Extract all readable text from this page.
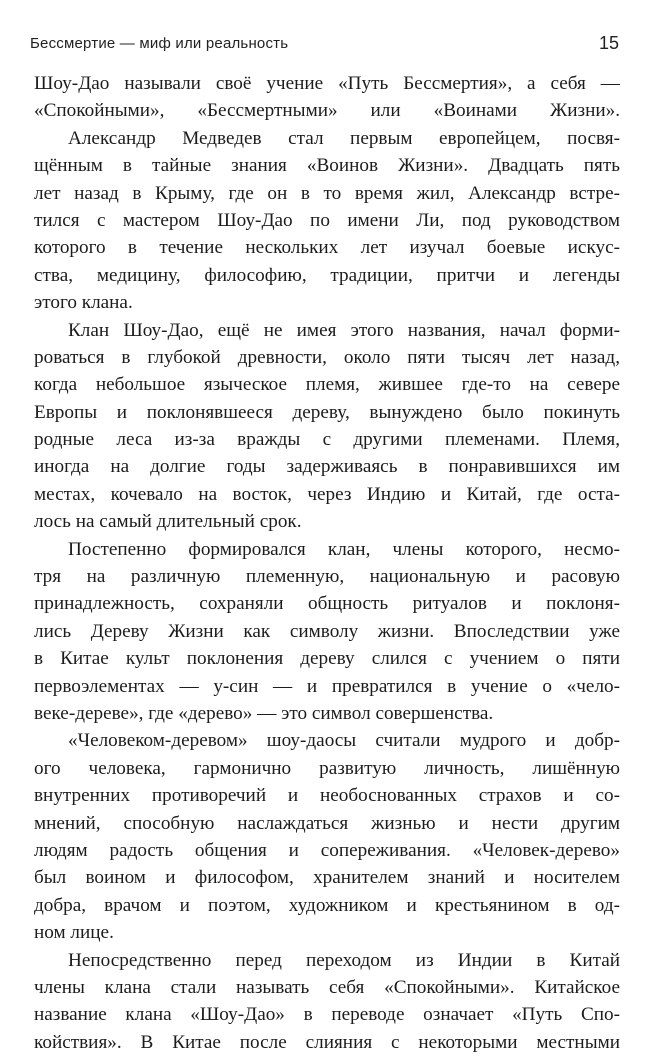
Бессмертие — миф или реальность	15
Шоу-Дао называли своё учение «Путь Бессмертия», а себя —
«Спокойными», «Бессмертными» или «Воинами Жизни».
Александр Медведев стал первым европейцем, посвя-
щённым в тайные знания «Воинов Жизни». Двадцать пять
лет назад в Крыму, где он в то время жил, Александр встре-
тился с мастером Шоу-Дао по имени Ли, под руководством
которого в течение нескольких лет изучал боевые искус-
ства, медицину, философию, традиции, притчи и легенды
этого клана.
Клан Шоу-Дао, ещё не имея этого названия, начал форми-
роваться в глубокой древности, около пяти тысяч лет назад,
когда небольшое языческое племя, жившее где-то на севере
Европы и поклонявшееся дереву, вынуждено было покинуть
родные леса из-за вражды с другими племенами. Племя,
иногда на долгие годы задерживаясь в понравившихся им
местах, кочевало на восток, через Индию и Китай, где оста-
лось на самый длительный срок.
Постепенно формировался клан, члены которого, несмо-
тря на различную племенную, национальную и расовую
принадлежность, сохраняли общность ритуалов и поклоня-
лись Дереву Жизни как символу жизни. Впоследствии уже
в Китае культ поклонения дереву слился с учением о пяти
первоэлементах — у-син — и превратился в учение о «чело-
веке-дереве», где «дерево» — это символ совершенства.
«Человеком-деревом» шоу-даосы считали мудрого и добр-
ого человека, гармонично развитую личность, лишённую
внутренних противоречий и необоснованных страхов и со-
мнений, способную наслаждаться жизнью и нести другим
людям радость общения и сопереживания. «Человек-дерево»
был воином и философом, хранителем знаний и носителем
добра, врачом и поэтом, художником и крестьянином в од-
ном лице.
Непосредственно перед переходом из Индии в Китай
члены клана стали называть себя «Спокойными». Китайское
название клана «Шоу-Дао» в переводе означает «Путь Спо-
койствия». В Китае после слияния с некоторыми местными
